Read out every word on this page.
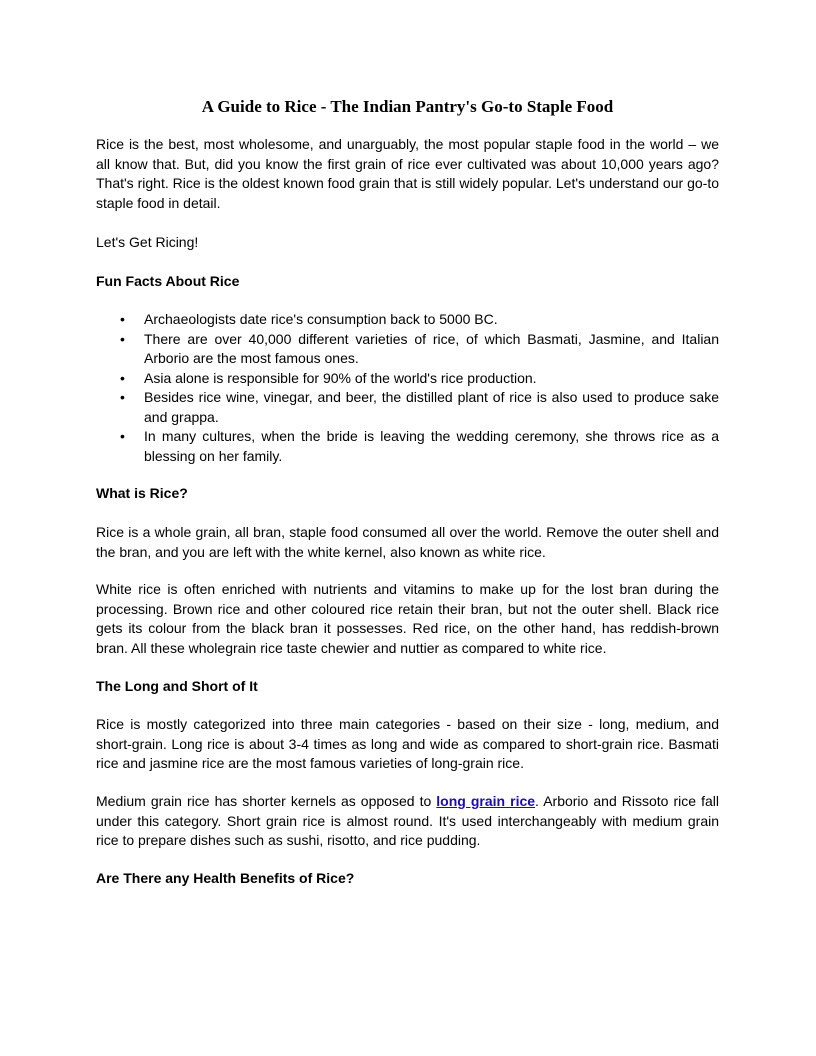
A Guide to Rice - The Indian Pantry's Go-to Staple Food

Rice is the best, most wholesome, and unarguably, the most popular staple food in the world – we all know that. But, did you know the first grain of rice ever cultivated was about 10,000 years ago? That's right. Rice is the oldest known food grain that is still widely popular. Let's understand our go-to staple food in detail.

Let's Get Ricing!

Fun Facts About Rice

• Archaeologists date rice's consumption back to 5000 BC.
• There are over 40,000 different varieties of rice, of which Basmati, Jasmine, and Italian Arborio are the most famous ones.
• Asia alone is responsible for 90% of the world's rice production.
• Besides rice wine, vinegar, and beer, the distilled plant of rice is also used to produce sake and grappa.
• In many cultures, when the bride is leaving the wedding ceremony, she throws rice as a blessing on her family.

What is Rice?

Rice is a whole grain, all bran, staple food consumed all over the world. Remove the outer shell and the bran, and you are left with the white kernel, also known as white rice.

White rice is often enriched with nutrients and vitamins to make up for the lost bran during the processing. Brown rice and other coloured rice retain their bran, but not the outer shell. Black rice gets its colour from the black bran it possesses. Red rice, on the other hand, has reddish-brown bran. All these wholegrain rice taste chewier and nuttier as compared to white rice.

The Long and Short of It

Rice is mostly categorized into three main categories - based on their size - long, medium, and short-grain. Long rice is about 3-4 times as long and wide as compared to short-grain rice. Basmati rice and jasmine rice are the most famous varieties of long-grain rice.

Medium grain rice has shorter kernels as opposed to long grain rice. Arborio and Rissoto rice fall under this category. Short grain rice is almost round. It's used interchangeably with medium grain rice to prepare dishes such as sushi, risotto, and rice pudding.

Are There any Health Benefits of Rice?
